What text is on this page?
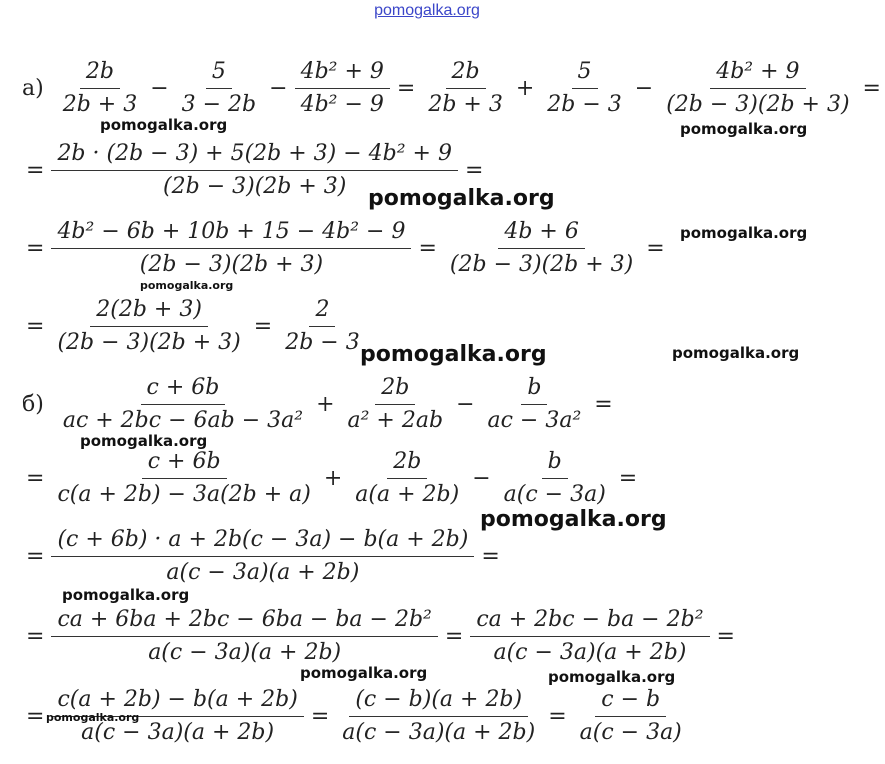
pomogalka.org
$а) \frac{2b}{2b + 3} - \frac{5}{3 - 2b} - \frac{\text{4b² + 9}}{\text{4b² − 9}} = \frac{2b}{2b + 3} + \frac{5}{2b - 3} - \frac{\text{4b² + 9}}{(2b - 3)(2b + 3)}$ =
= $\frac{\text{2b · (2b − 3) + 5(2b + 3) − 4b² + 9}}{(2b - 3)(2b + 3)}$ =
= $\frac{\text{4b² − 6b + 10b + 15 − 4b² − 9}}{(2b - 3)(2b + 3)} = \frac{4b + 6}{(2b - 3)(2b + 3)}$ =
= $\frac{2(2b + 3)}{(2b - 3)(2b + 3)} = \frac{2}{2b - 3}$
$б) \frac{c + 6b}{\text{ac + 2bc − 6ab − 3a²}} + \frac{2b}{\text{a² + 2ab}} - \frac{b}{\text{ac − 3a²}}$ =
= $\frac{c + 6b}{c(a + 2b) - 3a(2b + a)} + \frac{2b}{a(a + 2b)} - \frac{b}{a(c - 3a)}$ =
= $\frac{(c + 6b) \cdot a + 2b(c - 3a) - b(a + 2b)}{a(c - 3a)(a + 2b)}$ =
= $\frac{\text{ca + 6ba + 2bc − 6ba − ba − 2b²}}{a(c - 3a)(a + 2b)} = \frac{\text{ca + 2bc − ba − 2b²}}{a(c - 3a)(a + 2b)}$ =
= $\frac{c(a + 2b) - b(a + 2b)}{a(c - 3a)(a + 2b)} = \frac{(c - b)(a + 2b)}{a(c - 3a)(a + 2b)} = \frac{c - b}{a(c - 3a)}$
pomogalka.org	pomogalka.org
pomogalka.org
pomogalka.org
pomogalka.org
pomogalka.org	pomogalka.org
pomogalka.org
pomogalka.org
pomogalka.org
pomogalka.org	pomogalka.org
pomogalka.org
